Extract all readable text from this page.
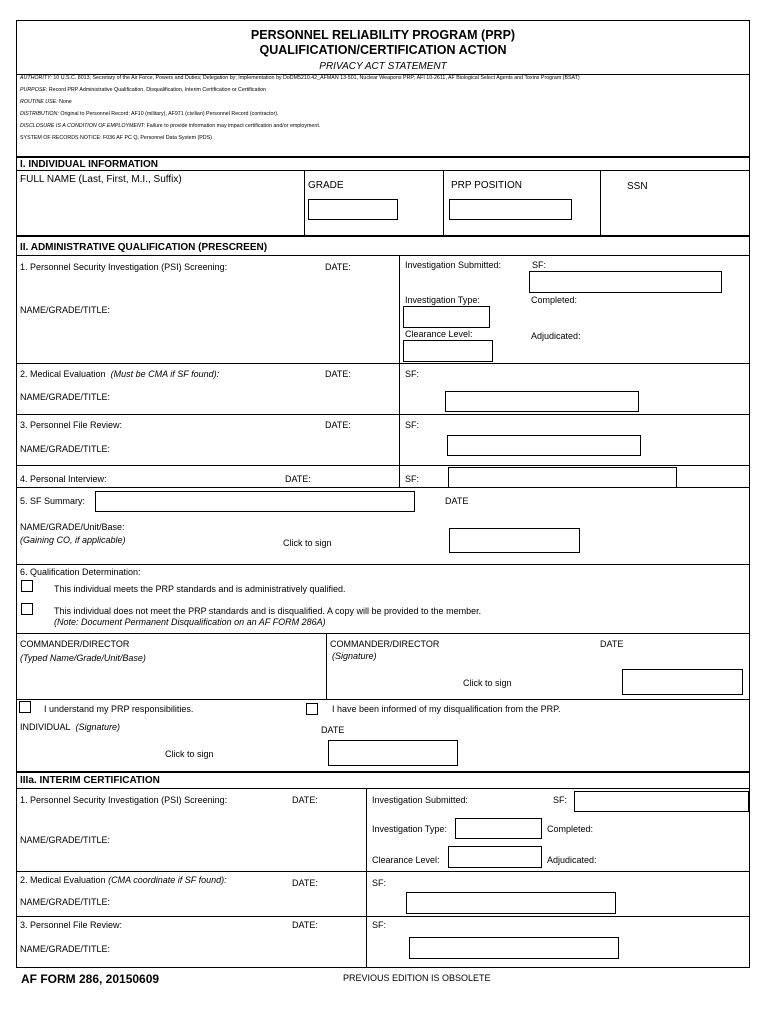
PERSONNEL RELIABILITY PROGRAM (PRP)
QUALIFICATION/CERTIFICATION ACTION
PRIVACY ACT STATEMENT
AUTHORITY: 10 U.S.C. 8013, Secretary of the Air Force, Powers and Duties; Delegation by; Implementation by DoDM5210.42_AFMAN 13-501, Nuclear Weapons PRP; AFI 10-2611, AF Biological Select Agents and Toxins Program (BSAT)
PURPOSE: Record PRP Administrative Qualification, Disqualification, Interim Certification or Certification
ROUTINE USE: None
DISTRIBUTION: Original to Personnel Record: AF10 (military), AF971 (civilian) Personnel Record (contractor).
DISCLOSURE IS A CONDITION OF EMPLOYMENT: Failure to provide information may impact certification and/or employment.
SYSTEM OF RECORDS NOTICE: F036 AF PC Q, Personnel Data System (PDS)
I. INDIVIDUAL INFORMATION
FULL NAME (Last, First, M.I., Suffix)
GRADE	PRP POSITION	SSN
II. ADMINISTRATIVE QUALIFICATION (PRESCREEN)
1. Personnel Security Investigation (PSI) Screening:	DATE:
NAME/GRADE/TITLE:
Investigation Submitted:	SF:
Investigation Type:	Completed:
Clearance Level:	Adjudicated:
2. Medical Evaluation (Must be CMA if SF found):	DATE:	SF:
NAME/GRADE/TITLE:
3. Personnel File Review:	DATE:	SF:
NAME/GRADE/TITLE:
4. Personal Interview:	DATE:	SF:
5. SF Summary:	DATE
NAME/GRADE/Unit/Base:
(Gaining CO, if applicable)	Click to sign
6. Qualification Determination:
This individual meets the PRP standards and is administratively qualified.
This individual does not meet the PRP standards and is disqualified. A copy will be provided to the member.
(Note: Document Permanent Disqualification on an AF FORM 286A)
COMMANDER/DIRECTOR
(Typed Name/Grade/Unit/Base)
COMMANDER/DIRECTOR
(Signature)
DATE
Click to sign
I understand my PRP responsibilities.	I have been informed of my disqualification from the PRP.
INDIVIDUAL (Signature)	DATE
Click to sign
IIIa. INTERIM CERTIFICATION
1. Personnel Security Investigation (PSI) Screening:	DATE:
NAME/GRADE/TITLE:
Investigation Submitted:	SF:
Investigation Type:	Completed:
Clearance Level:	Adjudicated:
2. Medical Evaluation (CMA coordinate if SF found):	DATE:	SF:
NAME/GRADE/TITLE:
3. Personnel File Review:	DATE:	SF:
NAME/GRADE/TITLE:
AF FORM 286, 20150609	PREVIOUS EDITION IS OBSOLETE
